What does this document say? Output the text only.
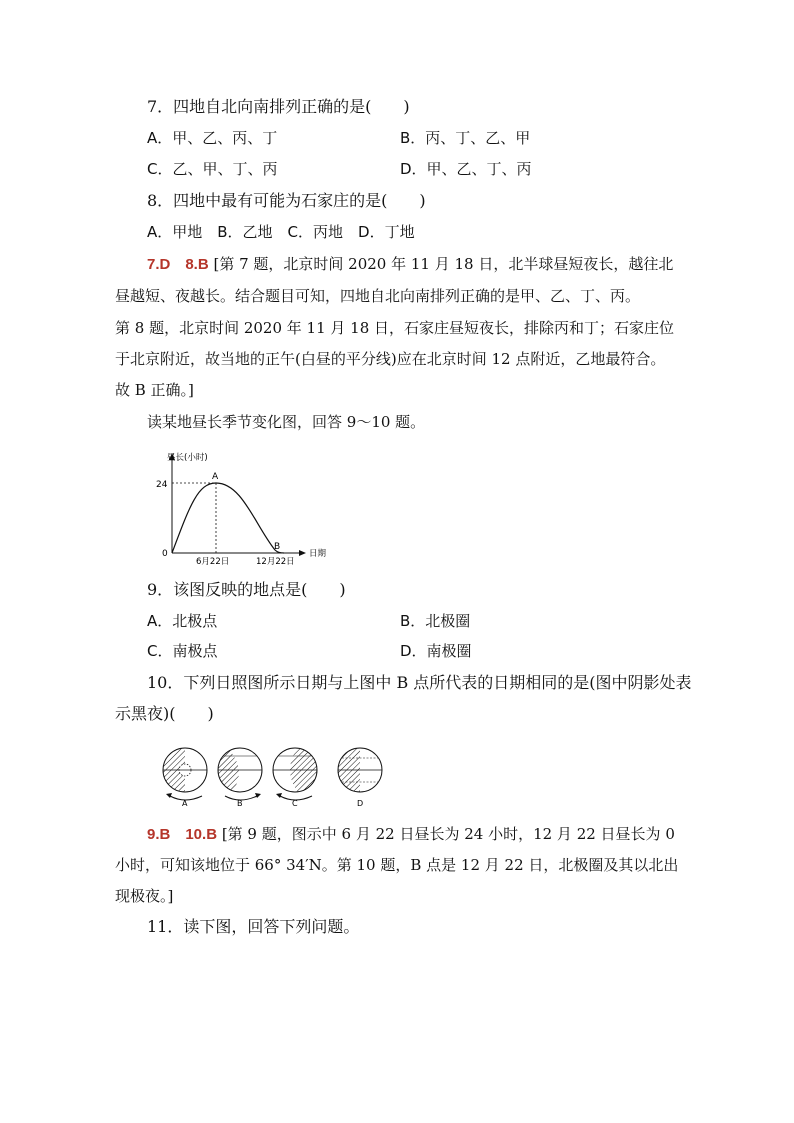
7．四地自北向南排列正确的是(　　)
A．甲、乙、丙、丁	B．丙、丁、乙、甲
C．乙、甲、丁、丙	D．甲、乙、丁、丙
8．四地中最有可能为石家庄的是(　　)
A．甲地　B．乙地　C．丙地　D．丁地
7.D　8.B [第 7 题，北京时间 2020 年 11 月 18 日，北半球昼短夜长，越往北
昼越短、夜越长。结合题目可知，四地自北向南排列正确的是甲、乙、丁、丙。
第 8 题，北京时间 2020 年 11 月 18 日，石家庄昼短夜长，排除丙和丁；石家庄位
于北京附近，故当地的正午(白昼的平分线)应在北京时间 12 点附近，乙地最符合。
故 B 正确。]
读某地昼长季节变化图，回答 9～10 题。
昼长(小时)
日期
24
0
A
B
6月22日	12月22日
9．该图反映的地点是(　　)
A．北极点	B．北极圈
C．南极点	D．南极圈
10．下列日照图所示日期与上图中 B 点所代表的日期相同的是(图中阴影处表
示黑夜)(　　)
A	B	C	D
9.B　10.B [第 9 题，图示中 6 月 22 日昼长为 24 小时，12 月 22 日昼长为 0
小时，可知该地位于 66° 34′N。第 10 题，B 点是 12 月 22 日，北极圈及其以北出
现极夜。]
11．读下图，回答下列问题。
